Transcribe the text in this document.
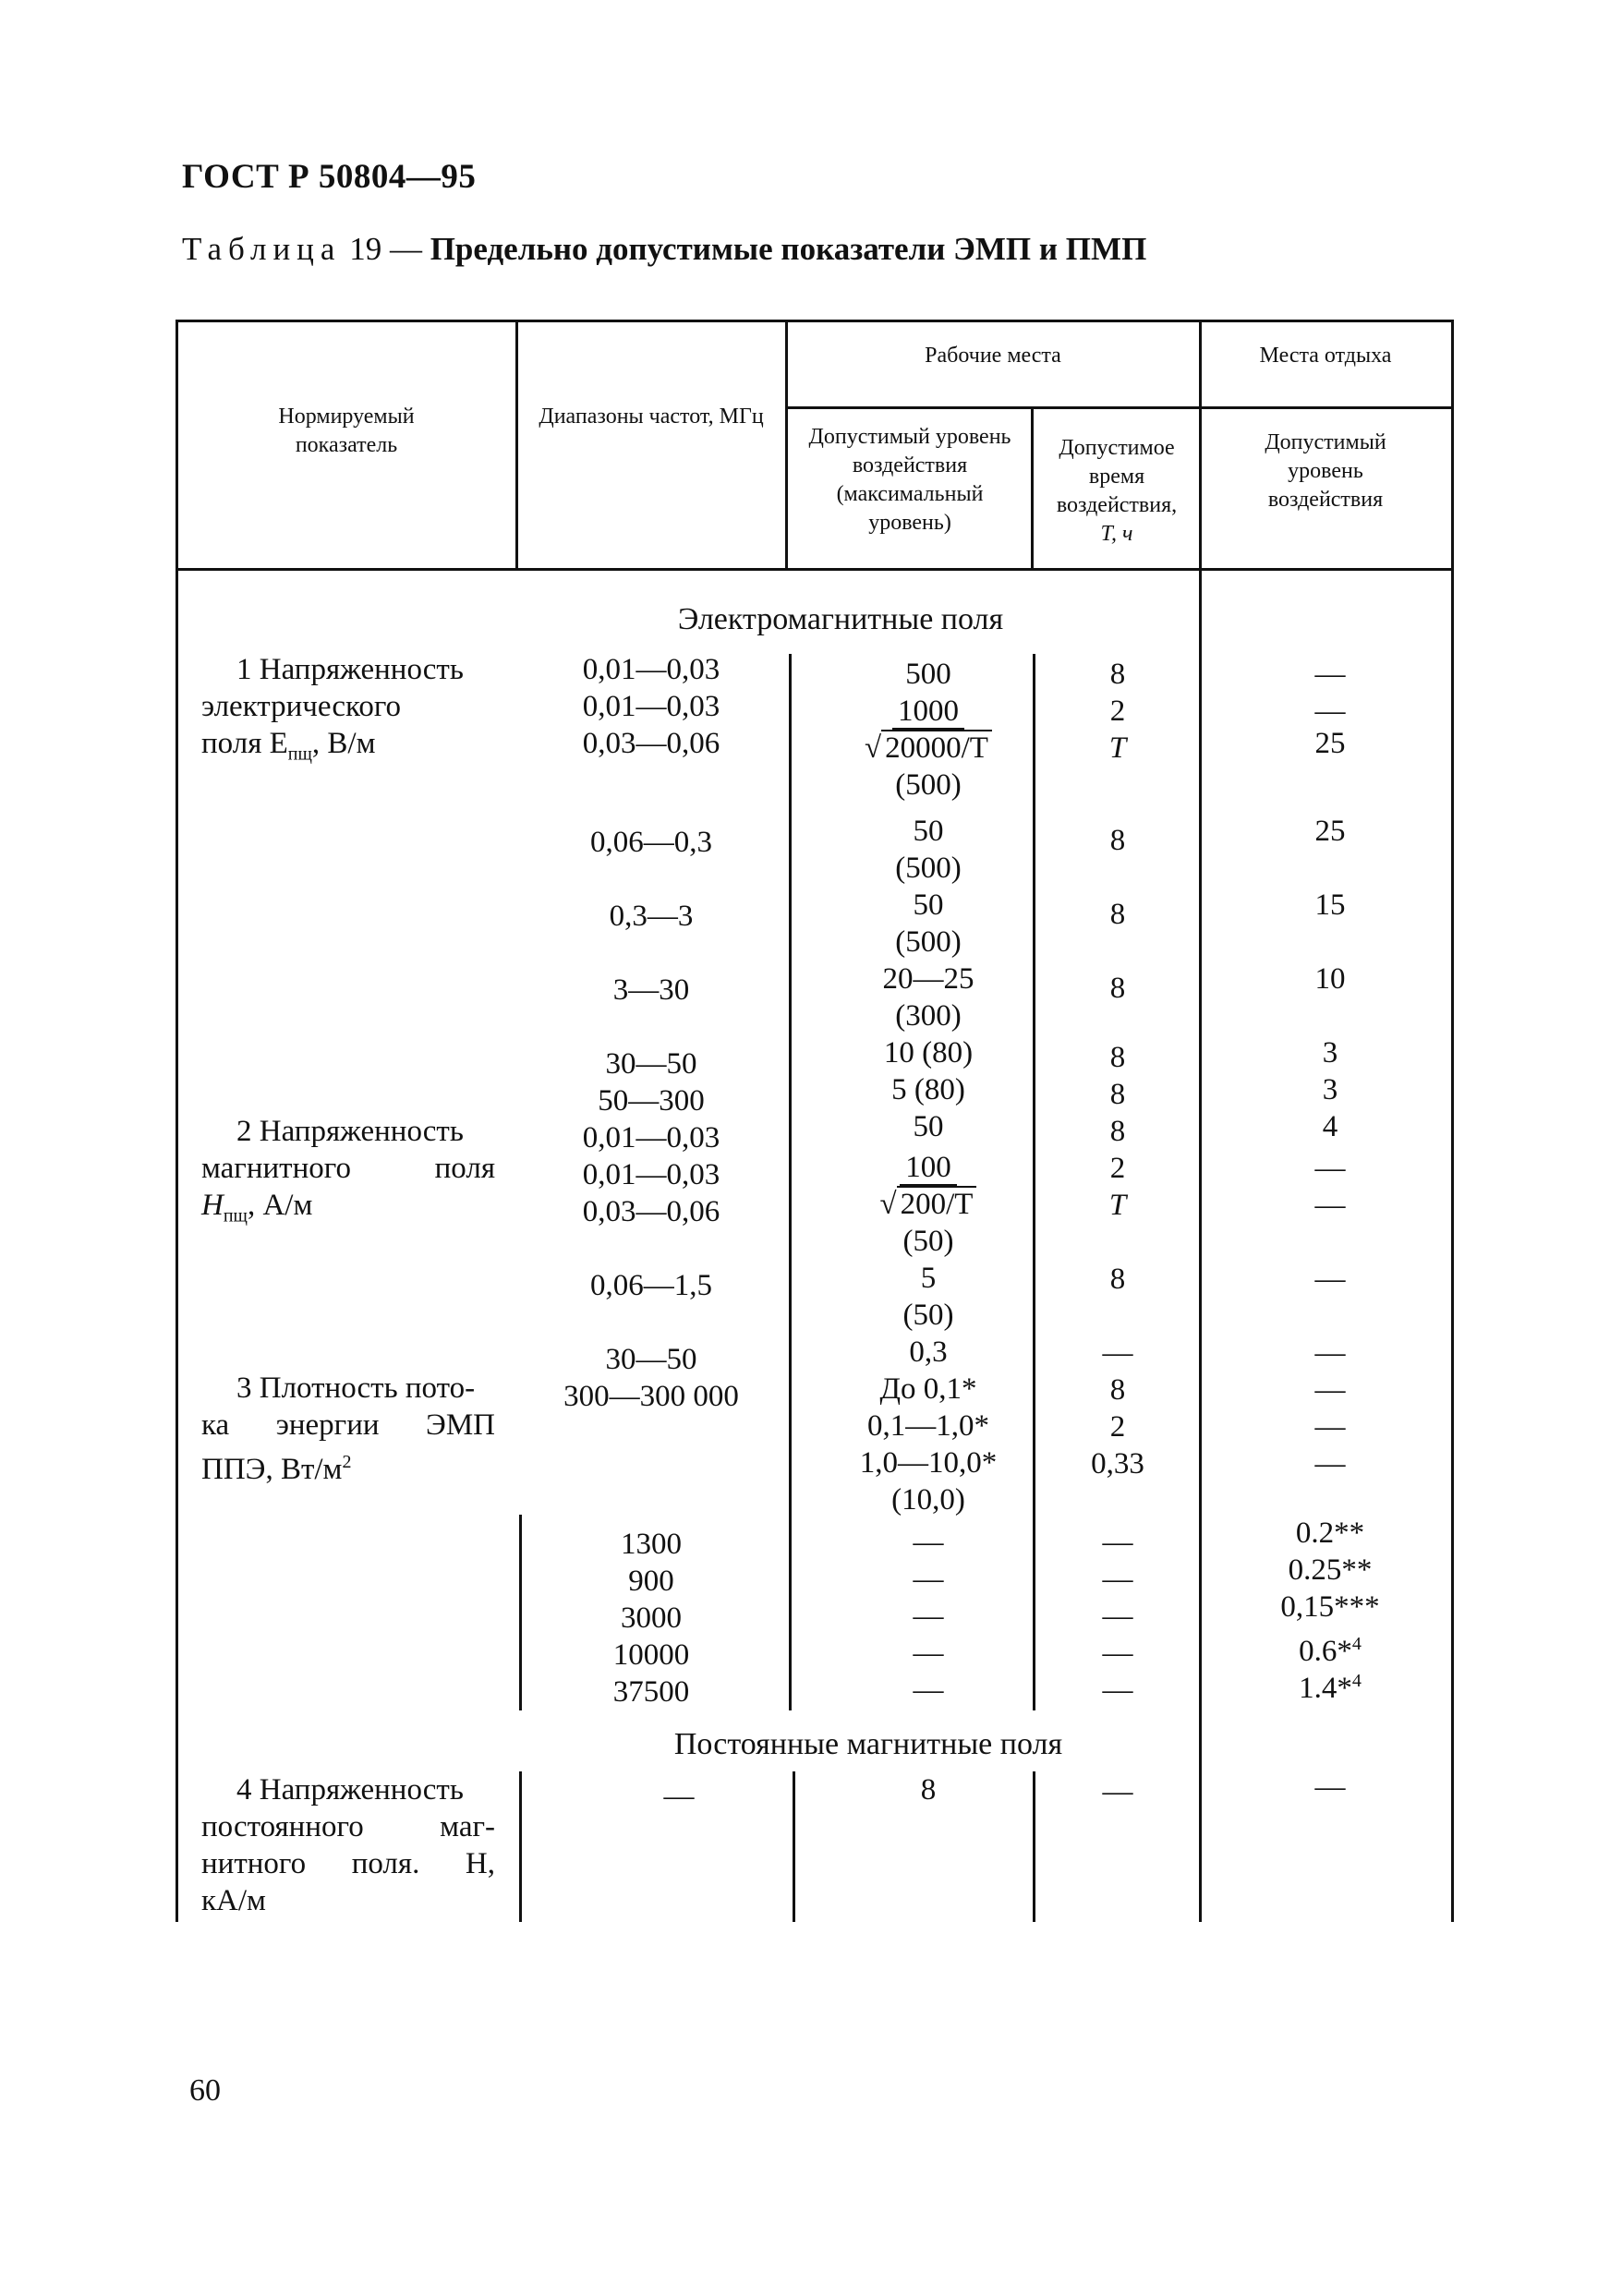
ГОСТ Р 50804—95
Таблица 19 — Предельно допустимые показатели ЭМП и ПМП
Нормируемый показатель
Диапазоны частот, МГц
Рабочие места	Места отдыха
Допустимый уровень воздействия (максимальный уровень)
Допустимое время воздействия,
T, ч
Допустимый уровень воздействия
Электромагнитные поля
1 Напряженность
электрического
поля $E_{пщ}$, В/м
2 Напряженность
магнитного поля
$H_{пщ}$, А/м
3 Плотность пото-
ка энергии ЭМП
ППЭ, $Вт/м^2$
4 Напряженность
постоянного маг-
нитного поля. H,
кА/м
0,01—0,03
0,01—0,03
0,03—0,06
0,06—0,3
0,3—3
3—30
30—50
50—300
0,01—0,03
0,01—0,03
0,03—0,06
0,06—1,5
30—50
300—300 000
1300
900
3000
10000
37500
—
500
1000
√ 20000/T
(500)
50
(500)
50
(500)
20—25
(300)
10 (80)
5 (80)
50
100
√ 200/T
(50)
5
(50)
0,3
До 0,1*
0,1—1,0*
1,0—10,0*
(10,0)
—
—
—
—
—
8
8
2
T
8
8
8
8
8
8
2
T
8
—
8
2
0,33
—
—
—
—
—
—
—
—
25
25
15
10
3
3
4
—
—
—
—
—
—
—
0.2**
0.25**
0,15***
0.6*$^4$
1.4*$^4$
—
Постоянные магнитные поля
60
